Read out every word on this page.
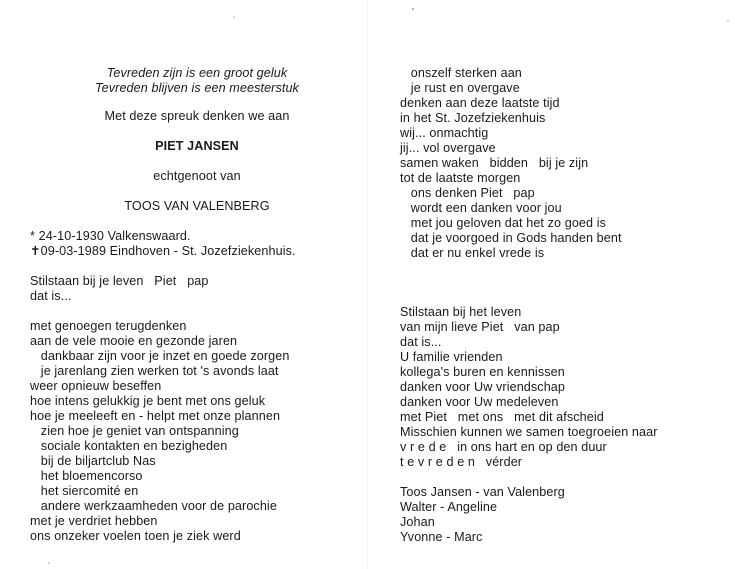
Tevreden zijn is een groot geluk
Tevreden blijven is een meesterstuk
Met deze spreuk denken we aan
PIET JANSEN
echtgenoot van
TOOS VAN VALENBERG
* 24-10-1930 Valkenswaard.
✝09-03-1989 Eindhoven - St. Jozefziekenhuis.
Stilstaan bij je leven   Piet   pap
dat is...
met genoegen terugdenken
aan de vele mooie en gezonde jaren
dankbaar zijn voor je inzet en goede zorgen
je jarenlang zien werken tot 's avonds laat
weer opnieuw beseffen
hoe intens gelukkig je bent met ons geluk
hoe je meeleeft en - helpt met onze plannen
zien hoe je geniet van ontspanning
sociale kontakten en bezigheden
bij de biljartclub Nas
het bloemencorso
het siercomité en
andere werkzaamheden voor de parochie
met je verdriet hebben
ons onzeker voelen toen je ziek werd
onszelf sterken aan
je rust en overgave
denken aan deze laatste tijd
in het St. Jozefziekenhuis
wij... onmachtig
jij... vol overgave
samen waken   bidden   bij je zijn
tot de laatste morgen
ons denken Piet   pap
wordt een danken voor jou
met jou geloven dat het zo goed is
dat je voorgoed in Gods handen bent
dat er nu enkel vrede is
Stilstaan bij het leven
van mijn lieve Piet   van pap
dat is...
U familie vrienden
kollega's buren en kennissen
danken voor Uw vriendschap
danken voor Uw medeleven
met Piet   met ons   met dit afscheid
Misschien kunnen we samen toegroeien naar
v r e d e   in ons hart en op den duur
t e v r e d e n   vérder
Toos Jansen - van Valenberg
Walter - Angeline
Johan
Yvonne - Marc
